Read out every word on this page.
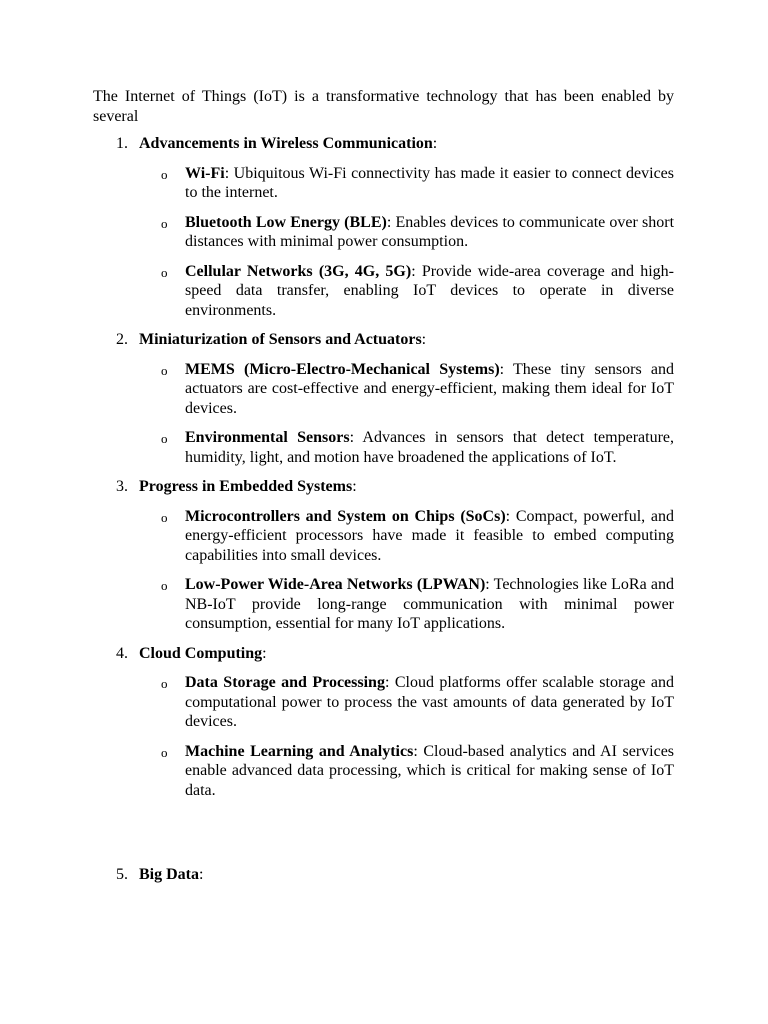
The Internet of Things (IoT) is a transformative technology that has been enabled by several

1. Advancements in Wireless Communication:
o Wi-Fi: Ubiquitous Wi-Fi connectivity has made it easier to connect devices to the internet.
o Bluetooth Low Energy (BLE): Enables devices to communicate over short distances with minimal power consumption.
o Cellular Networks (3G, 4G, 5G): Provide wide-area coverage and high-speed data transfer, enabling IoT devices to operate in diverse environments.
2. Miniaturization of Sensors and Actuators:
o MEMS (Micro-Electro-Mechanical Systems): These tiny sensors and actuators are cost-effective and energy-efficient, making them ideal for IoT devices.
o Environmental Sensors: Advances in sensors that detect temperature, humidity, light, and motion have broadened the applications of IoT.
3. Progress in Embedded Systems:
o Microcontrollers and System on Chips (SoCs): Compact, powerful, and energy-efficient processors have made it feasible to embed computing capabilities into small devices.
o Low-Power Wide-Area Networks (LPWAN): Technologies like LoRa and NB-IoT provide long-range communication with minimal power consumption, essential for many IoT applications.
4. Cloud Computing:
o Data Storage and Processing: Cloud platforms offer scalable storage and computational power to process the vast amounts of data generated by IoT devices.
o Machine Learning and Analytics: Cloud-based analytics and AI services enable advanced data processing, which is critical for making sense of IoT data.
5. Big Data:
